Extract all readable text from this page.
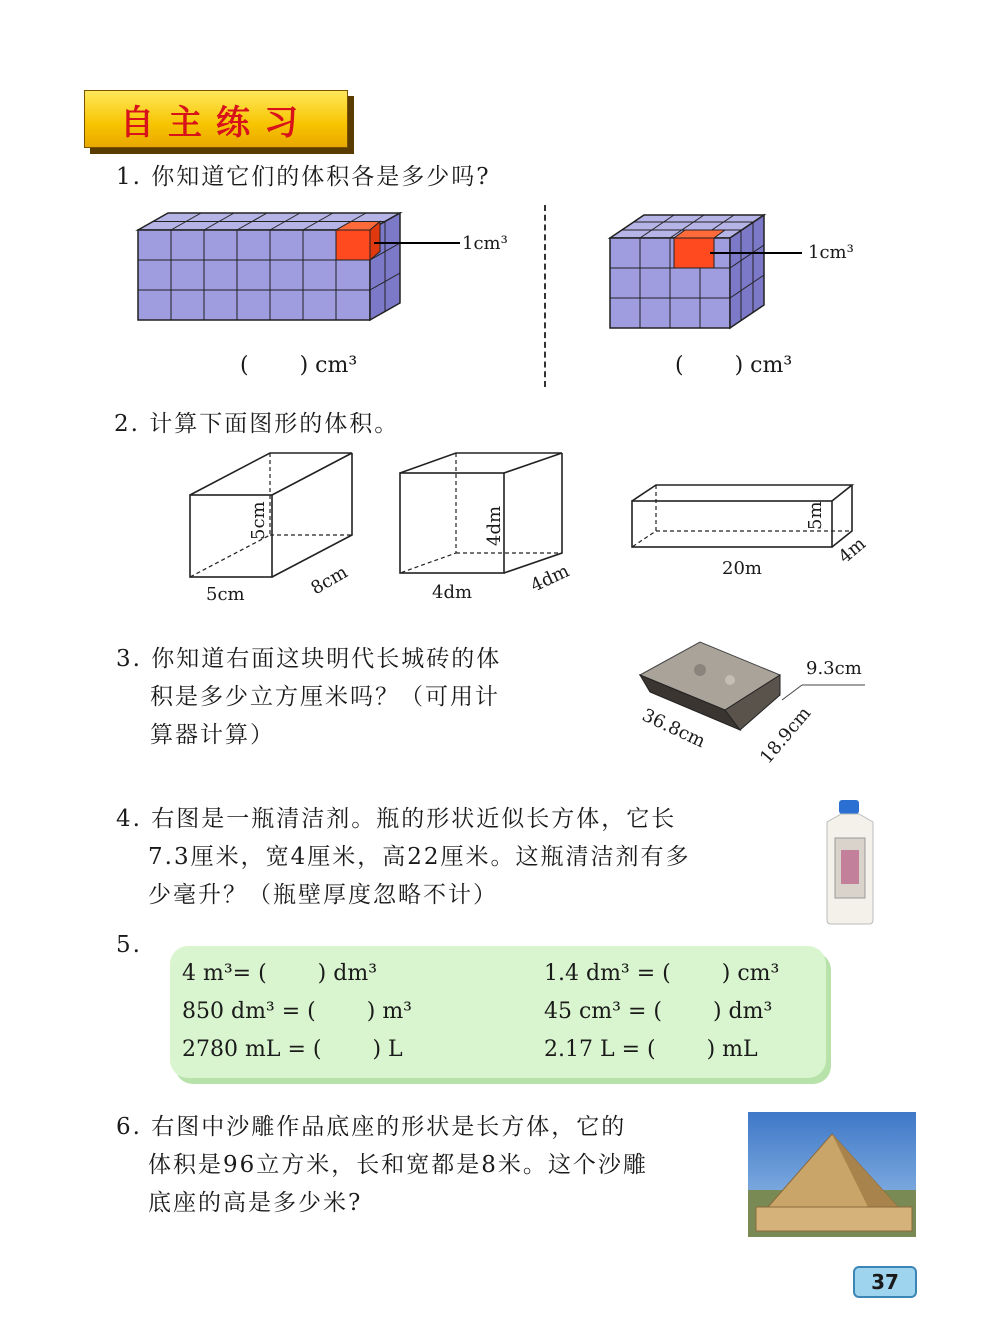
自主练习
1. 你知道它们的体积各是多少吗?
1cm³
(　　 ) cm³
1cm³
(　　 ) cm³
2. 计算下面图形的体积。
5cm
5cm	8cm
4dm
4dm	4dm
5m
20m
4m
3. 你知道右面这块明代长城砖的体
积是多少立方厘米吗？（可用计
算器计算）
9.3cm
36.8cm	18.9cm
4. 右图是一瓶清洁剂。瓶的形状近似长方体，它长
7.3厘米，宽4厘米，高22厘米。这瓶清洁剂有多
少毫升？（瓶壁厚度忽略不计）
5.
4 m³= (　　 ) dm³	1.4 dm³ = (　　 ) cm³
850 dm³ = (　　 ) m³	45 cm³ = (　　 ) dm³
2780 mL = (　　 ) L	2.17 L = (　　 ) mL
6. 右图中沙雕作品底座的形状是长方体，它的
体积是96立方米，长和宽都是8米。这个沙雕
底座的高是多少米?
37
